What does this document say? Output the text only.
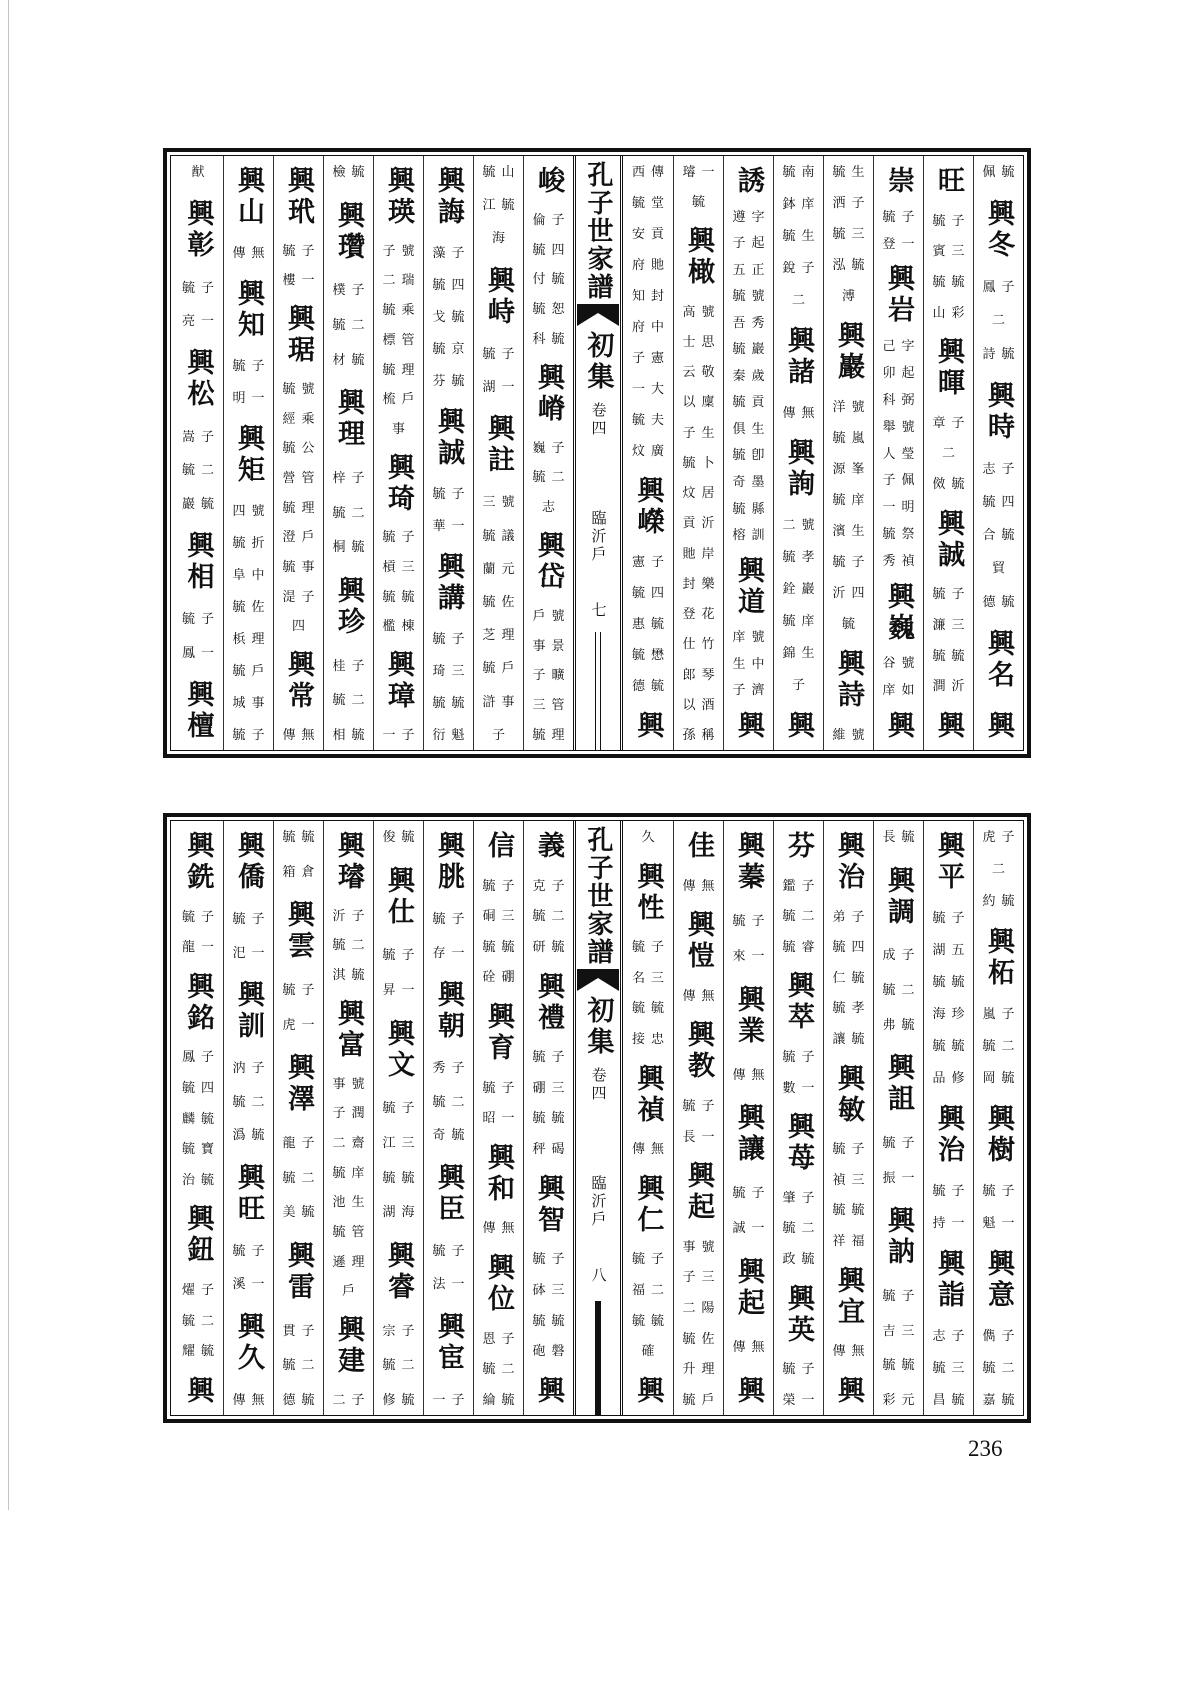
佩毓
興冬
鳳子
二
詩毓
興時
志子
毓四
合毓
貿
德毓
興名
興
旺
毓子
賓三
毓毓
山彩
興暉
章子
二
傚毓
興誠
毓子
濂三
毓毓
澗沂
興
崇
毓子
登一
興岩
己字
卯起
科弼
舉號
人瑩
子佩
一明
毓祭
秀禎
興巍
谷號
庠如
興
毓生
洒子
毓三
泓毓
溥
興巖
洋號
毓嵐
源峯
毓庠
濱生
毓子
沂四
毓
興詩
維號
毓南
鉢庠
毓生
銳子
二
興諸
傳無
興詢
二號
毓孝
銓巖
毓庠
錦生
子
興
誘
遵字
子起
五正
毓號
吾秀
毓巖
秦歲
毓貢
俱生
毓卽
奇墨
毓縣
榕訓
興道
庠號
生中
子濟
興
璿一
毓
興橄
高號
士思
云敬
以廩
子生
毓卜
炆居
貢沂
貤岸
封樂
登花
仕竹
郎琴
以酒
孫稱
西傳
毓堂
安貢
府貤
知封
府中
子憲
一大
毓夫
炆廣
興嶸
憲子
毓四
惠毓
毓懋
德毓
興
孔子世家譜
初集
卷四
臨沂戶
七
峻
倫子
毓四
付毓
毓恕
科毓
興嵴
巍子
毓二
志
興岱
戶號
事景
子曠
三管
毓理
毓山
江毓
海
興峙
毓子
湖一
興註
三號
毓議
蘭元
毓佐
芝理
毓戶
滸事
子
興誨
藻子
毓四
戈毓
毓京
芬毓
興誠
毓子
華一
興講
毓子
琦三
毓毓
衍魁
興瑛
子號
二瑞
毓乘
標管
毓理
梳戶
事
興琦
毓子
槓三
毓毓
檻棟
興璋
一子
檢毓
興瓚
樸子
毓二
材毓
興理
梓子
毓二
桐毓
興珍
桂子
毓二
相毓
興玳
毓子
樓一
興琚
毓號
經乘
毓公
營管
毓理
澄戶
毓事
湜子
四
興常
傳無
興山
傳無
興知
毓子
明一
興矩
四號
毓折
阜中
毓佐
梹理
毓戶
城事
毓子
猷
興彰
毓子
亮一
興松
嵩子
毓二
巖毓
興相
毓子
鳳一
興檀
虎子
二
約毓
興柘
嵐子
毓二
岡毓
興樹
毓子
魁一
興意
儁子
毓二
嘉毓
興平
毓子
湖五
毓毓
海珍
毓毓
品修
興治
毓子
持一
興詣
志子
毓三
昌毓
長毓
興調
成子
毓二
弗毓
興詛
毓子
振一
興訥
毓子
吉三
毓毓
彩元
興治
弟子
毓四
仁毓
毓孝
讓毓
興敏
毓子
禎三
毓毓
祥福
興宜
傳無
興
芬
鑑子
毓二
毓睿
興萃
毓子
數一
興苺
肇子
毓二
政毓
興英
毓子
榮一
興蓁
毓子
來一
興業
傳無
興讓
毓子
誠一
興起
傳無
興
佳
傳無
興愷
傳無
興教
毓子
長一
興起
事號
子三
二陽
毓佐
升理
毓戶
久
興性
毓子
名三
毓毓
接忠
興禎
傳無
興仁
毓子
福二
毓毓
確
興
孔子世家譜
初集
卷四
臨沂戶
八
義
克子
毓二
研毓
興禮
毓子
硼三
毓毓
秤碣
興智
毓子
砵三
毓毓
砲磐
興
信
毓子
硐三
毓毓
硂硼
興育
毓子
昭一
興和
傳無
興位
恩子
毓二
綸毓
興朓
毓子
存一
興朝
秀子
毓二
奇毓
興臣
毓子
法一
興宦
一子
俊毓
興仕
毓子
昇一
興文
毓子
江三
毓毓
湖海
興睿
宗子
毓二
修毓
興璿
沂子
毓二
淇毓
興富
事號
子潤
二齋
毓庠
池生
毓管
遜理
戶
興建
二子
毓毓
箱倉
興雲
毓子
虎一
興澤
龍子
毓二
美毓
興雷
貫子
毓二
德毓
興僑
毓子
汜一
興訓
汭子
毓二
潙毓
興旺
毓子
溪一
興久
傳無
興銑
毓子
龍一
興銘
鳳子
毓四
麟毓
毓寶
治毓
興鈕
燿子
毓二
耀毓
興
236
